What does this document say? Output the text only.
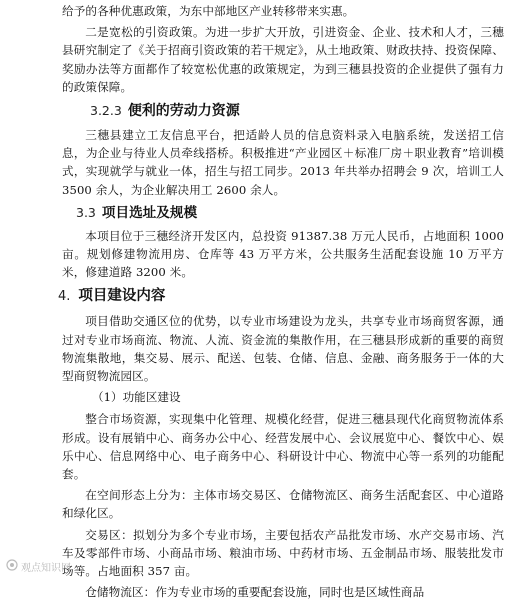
给予的各种优惠政策，为东中部地区产业转移带来实惠。

二是宽松的引资政策。为进一步扩大开放，引进资金、企业、技术和人才，三穗县研究制定了《关于招商引资政策的若干规定》，从土地政策、财政扶持、投资保障、奖励办法等方面都作了较宽松优惠的政策规定，为到三穗县投资的企业提供了强有力的政策保障。

3.2.3 便利的劳动力资源

三穗县建立工友信息平台，把适龄人员的信息资料录入电脑系统，发送招工信息，为企业与待业人员牵线搭桥。积极推进“产业园区＋标准厂房＋职业教育”培训模式，实现就学与就业一体，招生与招工同步。2013 年共举办招聘会 9 次，培训工人 3500 余人，为企业解决用工 2600 余人。

3.3 项目选址及规模

本项目位于三穗经济开发区内，总投资 91387.38 万元人民币，占地面积 1000 亩。规划修建物流用房、仓库等 43 万平方米，公共服务生活配套设施 10 万平方米，修建道路 3200 米。

4. 项目建设内容

项目借助交通区位的优势，以专业市场建设为龙头，共享专业市场商贸客源，通过对专业市场商流、物流、人流、资金流的集散作用，在三穗县形成新的重要的商贸物流集散地，集交易、展示、配送、包装、仓储、信息、金融、商务服务于一体的大型商贸物流园区。

（1）功能区建设

整合市场资源，实现集中化管理、规模化经营，促进三穗县现代化商贸物流体系形成。设有展销中心、商务办公中心、经营发展中心、会议展览中心、餐饮中心、娱乐中心、信息网络中心、电子商务中心、科研设计中心、物流中心等一系列的功能配套。

在空间形态上分为：主体市场交易区、仓储物流区、商务生活配套区、中心道路和绿化区。

交易区：拟划分为多个专业市场，主要包括农产品批发市场、水产交易市场、汽车及零部件市场、小商品市场、粮油市场、中药材市场、五金制品市场、服装批发市场等。占地面积 357 亩。

仓储物流区：作为专业市场的重要配套设施，同时也是区域性商品

观点知识网
